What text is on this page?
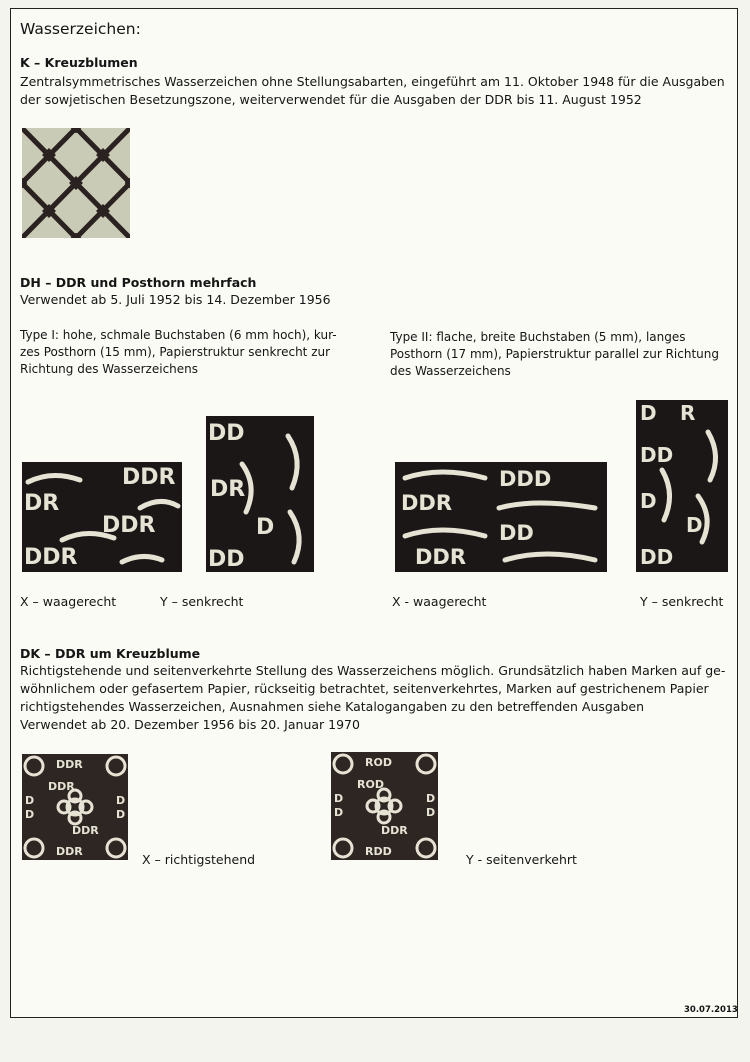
Wasserzeichen:
K – Kreuzblumen
Zentralsymmetrisches Wasserzeichen ohne Stellungsabarten, eingeführt am 11. Oktober 1948 für die Ausgaben
der sowjetischen Besetzungszone, weiterverwendet für die Ausgaben der DDR bis 11. August 1952
DH – DDR und Posthorn mehrfach
Verwendet ab 5. Juli 1952 bis 14. Dezember 1956
Type I: hohe, schmale Buchstaben (6 mm hoch), kur-
zes Posthorn (15 mm), Papierstruktur senkrecht zur
Richtung des Wasserzeichens
Type II: flache, breite Buchstaben (5 mm), langes
Posthorn (17 mm), Papierstruktur parallel zur Richtung
des Wasserzeichens
DDR
DDR
DR
DDR
DD
DR
D
DD
DDD
DDR
DD
DDR
D R
DD
D
D
DD
X – waagerecht	Y – senkrecht	X - waagerecht	Y – senkrecht
DK – DDR um Kreuzblume
Richtigstehende und seitenverkehrte Stellung des Wasserzeichens möglich. Grundsätzlich haben Marken auf ge-
wöhnlichem oder gefasertem Papier, rückseitig betrachtet, seitenverkehrtes, Marken auf gestrichenem Papier
richtigstehendes Wasserzeichen, Ausnahmen siehe Katalogangaben zu den betreffenden Ausgaben
Verwendet ab 20. Dezember 1956 bis 20. Januar 1970
DDR
DDR
DDR
DDR
D
D
D
D
ROD
RDD
ROD
DDR
D
D
D
D
X – richtigstehend	Y - seitenverkehrt
30.07.2013
